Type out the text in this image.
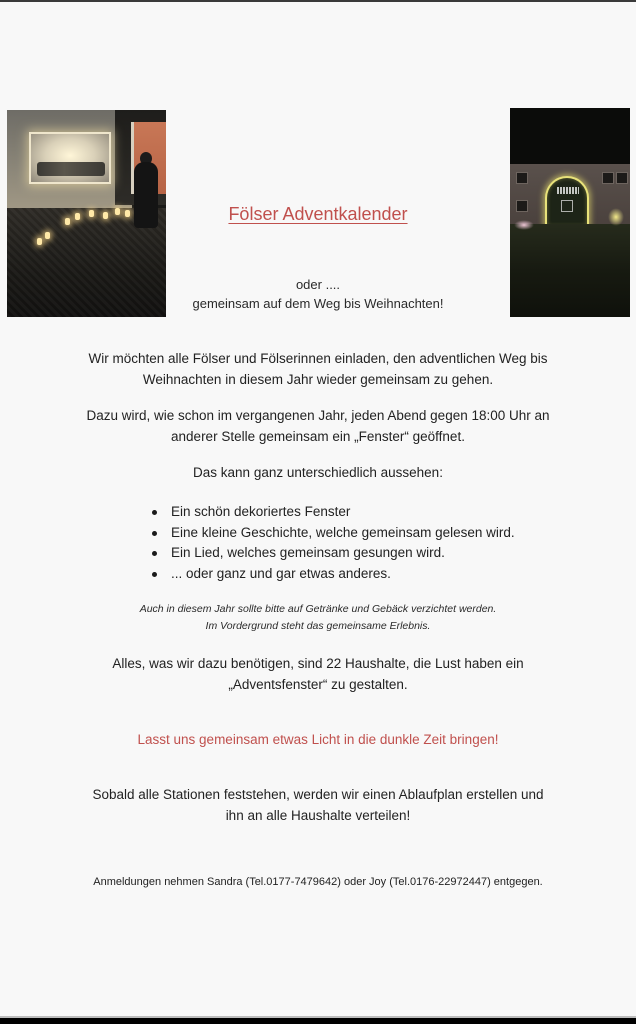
Fölser Adventkalender
oder ....
gemeinsam auf dem Weg bis Weihnachten!
Wir möchten alle Fölser und Fölserinnen einladen, den adventlichen Weg bis
Weihnachten in diesem Jahr wieder gemeinsam zu gehen.
Dazu wird, wie schon im vergangenen Jahr, jeden Abend gegen 18:00 Uhr an
anderer Stelle gemeinsam ein „Fenster“ geöffnet.
Das kann ganz unterschiedlich aussehen:
Ein schön dekoriertes Fenster
Eine kleine Geschichte, welche gemeinsam gelesen wird.
Ein Lied, welches gemeinsam gesungen wird.
... oder ganz und gar etwas anderes.
Auch in diesem Jahr sollte bitte auf Getränke und Gebäck verzichtet werden.
Im Vordergrund steht das gemeinsame Erlebnis.
Alles, was wir dazu benötigen, sind 22 Haushalte, die Lust haben ein
„Adventsfenster“ zu gestalten.
Lasst uns gemeinsam etwas Licht in die dunkle Zeit bringen!
Sobald alle Stationen feststehen, werden wir einen Ablaufplan erstellen und
ihn an alle Haushalte verteilen!
Anmeldungen nehmen Sandra (Tel.0177-7479642) oder Joy (Tel.0176-22972447) entgegen.
